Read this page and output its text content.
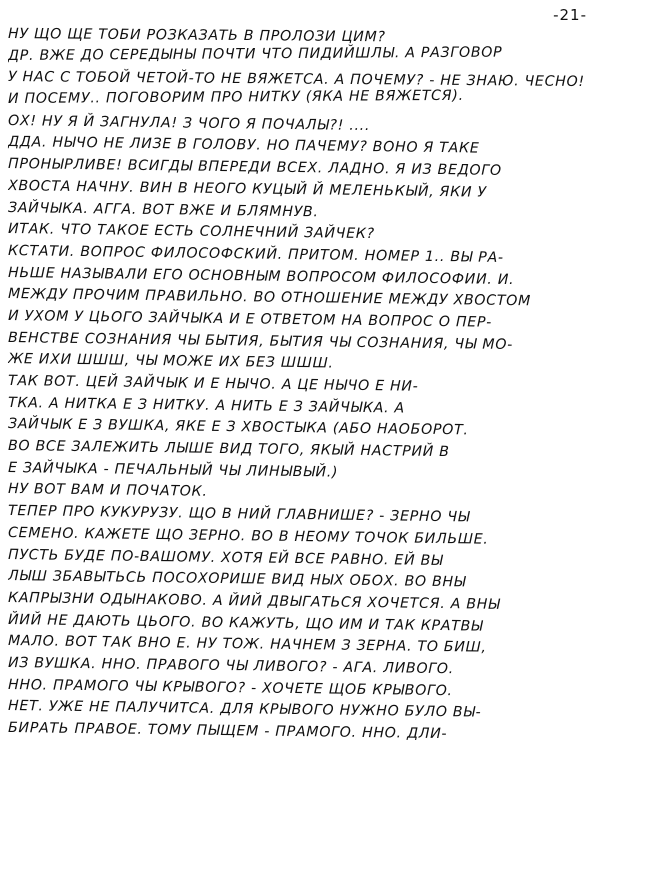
-21-
НУ ЩО ЩЕ ТОБИ РОЗКАЗАТЬ В ПРОЛОЗИ ЦИМ?
ДР. ВЖЕ ДО СЕРЕДЫНЫ ПОЧТИ ЧТО ПИДИЙШЛЫ. А РАЗГОВОР
У НАС С ТОБОЙ ЧЕТОЙ-ТО НЕ ВЯЖЕТСА. А ПОЧЕМУ? - НЕ ЗНАЮ. ЧЕСНО!
И ПОСЕМУ.. ПОГОВОРИМ ПРО НИТКУ (ЯКА НЕ ВЯЖЕТСЯ).
ОХ! НУ Я Й ЗАГНУЛА! З ЧОГО Я ПОЧАЛЫ?! ....
ДДА. НЫЧО НЕ ЛИЗЕ В ГОЛОВУ. НО ПАЧЕМУ? ВОНО Я ТАКЕ
ПРОНЫРЛИВЕ! ВСИГДЫ ВПЕРЕДИ ВСЕХ. ЛАДНО. Я ИЗ ВЕДОГО
ХВОСТА НАЧНУ. ВИН В НЕОГО КУЦЫЙ Й МЕЛЕНЬКЫЙ, ЯКИ У
ЗАЙЧЫКА. АГГА. ВОТ ВЖЕ И БЛЯМНУВ.
ИТАК. ЧТО ТАКОЕ ЕСТЬ СОЛНЕЧНИЙ ЗАЙЧЕК?
КСТАТИ. ВОПРОС ФИЛОСОФСКИЙ. ПРИТОМ. НОМЕР 1.. ВЫ РА-
НЬШЕ НАЗЫВАЛИ ЕГО ОСНОВНЫМ ВОПРОСОМ ФИЛОСОФИИ. И.
МЕЖДУ ПРОЧИМ ПРАВИЛЬНО. ВО ОТНОШЕНИЕ МЕЖДУ ХВОСТОМ
И УХОМ У ЦЬОГО ЗАЙЧЫКА И Е ОТВЕТОМ НА ВОПРОС О ПЕР-
ВЕНСТВЕ СОЗНАНИЯ ЧЫ БЫТИЯ, БЫТИЯ ЧЫ СОЗНАНИЯ, ЧЫ МО-
ЖЕ ИХИ ШШШ, ЧЫ МОЖЕ ИХ БЕЗ ШШШ.
ТАК ВОТ. ЦЕЙ ЗАЙЧЫК И Е НЫЧО. А ЦЕ НЫЧО Е НИ-
ТКА. А НИТКА Е З НИТКУ. А НИТЬ Е З ЗАЙЧЫКА. А
ЗАЙЧЫК Е З ВУШКА, ЯКЕ Е З ХВОСТЫКА (АБО НАОБОРОТ.
ВО ВСЕ ЗАЛЕЖИТЬ ЛЫШЕ ВИД ТОГО, ЯКЫЙ НАСТРИЙ В
Е ЗАЙЧЫКА - ПЕЧАЛЬНЫЙ ЧЫ ЛИНЫВЫЙ.)
НУ ВОТ ВАМ И ПОЧАТОК.
ТЕПЕР ПРО КУКУРУЗУ. ЩО В НИЙ ГЛАВНИШЕ? - ЗЕРНО ЧЫ
СЕМЕНО. КАЖЕТЕ ЩО ЗЕРНО. ВО В НЕОМУ ТОЧОК БИЛЬШЕ.
ПУСТЬ БУДЕ ПО-ВАШОМУ. ХОТЯ ЕЙ ВСЕ РАВНО. ЕЙ ВЫ
ЛЫШ ЗБАВЫТЬСЬ ПОСОХОРИШЕ ВИД НЫХ ОБОХ. ВО ВНЫ
КАПРЫЗНИ ОДЫНАКОВО. А ЙИЙ ДВЫГАТЬСЯ ХОЧЕТСЯ. А ВНЫ
ЙИЙ НЕ ДАЮТЬ ЦЬОГО. ВО КАЖУТЬ, ЩО ИМ И ТАК КРАТВЫ
МАЛО. ВОТ ТАК ВНО Е. НУ ТОЖ. НАЧНЕМ З ЗЕРНА. ТО БИШ,
ИЗ ВУШКА. ННО. ПРАВОГО ЧЫ ЛИВОГО? - АГА. ЛИВОГО.
ННО. ПРАМОГО ЧЫ КРЫВОГО? - ХОЧЕТЕ ЩОБ КРЫВОГО.
НЕТ. УЖЕ НЕ ПАЛУЧИТСА. ДЛЯ КРЫВОГО НУЖНО БУЛО ВЫ-
БИРАТЬ ПРАВОЕ. ТОМУ ПЫЩЕМ - ПРАМОГО. ННО. ДЛИ-
